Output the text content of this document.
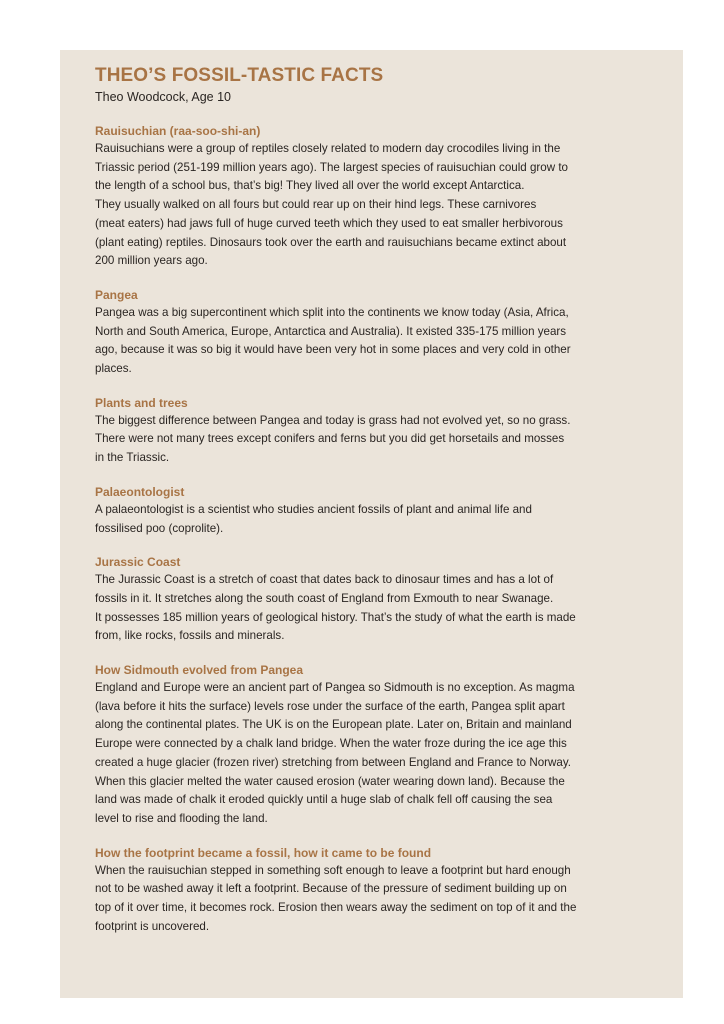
THEO’S FOSSIL-TASTIC FACTS

Theo Woodcock, Age 10

Rauisuchian (raa-soo-shi-an)

Rauisuchians were a group of reptiles closely related to modern day crocodiles living in the
Triassic period (251-199 million years ago). The largest species of rauisuchian could grow to
the length of a school bus, that’s big! They lived all over the world except Antarctica.
They usually walked on all fours but could rear up on their hind legs. These carnivores
(meat eaters) had jaws full of huge curved teeth which they used to eat smaller herbivorous
(plant eating) reptiles. Dinosaurs took over the earth and rauisuchians became extinct about
200 million years ago.

Pangea

Pangea was a big supercontinent which split into the continents we know today (Asia, Africa,
North and South America, Europe, Antarctica and Australia). It existed 335-175 million years
ago, because it was so big it would have been very hot in some places and very cold in other
places.

Plants and trees

The biggest difference between Pangea and today is grass had not evolved yet, so no grass.
There were not many trees except conifers and ferns but you did get horsetails and mosses
in the Triassic.

Palaeontologist

A palaeontologist is a scientist who studies ancient fossils of plant and animal life and
fossilised poo (coprolite).

Jurassic Coast

The Jurassic Coast is a stretch of coast that dates back to dinosaur times and has a lot of
fossils in it. It stretches along the south coast of England from Exmouth to near Swanage.
It possesses 185 million years of geological history. That’s the study of what the earth is made
from, like rocks, fossils and minerals.

How Sidmouth evolved from Pangea

England and Europe were an ancient part of Pangea so Sidmouth is no exception. As magma
(lava before it hits the surface) levels rose under the surface of the earth, Pangea split apart
along the continental plates. The UK is on the European plate. Later on, Britain and mainland
Europe were connected by a chalk land bridge. When the water froze during the ice age this
created a huge glacier (frozen river) stretching from between England and France to Norway.
When this glacier melted the water caused erosion (water wearing down land). Because the
land was made of chalk it eroded quickly until a huge slab of chalk fell off causing the sea
level to rise and flooding the land.

How the footprint became a fossil, how it came to be found

When the rauisuchian stepped in something soft enough to leave a footprint but hard enough
not to be washed away it left a footprint. Because of the pressure of sediment building up on
top of it over time, it becomes rock. Erosion then wears away the sediment on top of it and the
footprint is uncovered.
